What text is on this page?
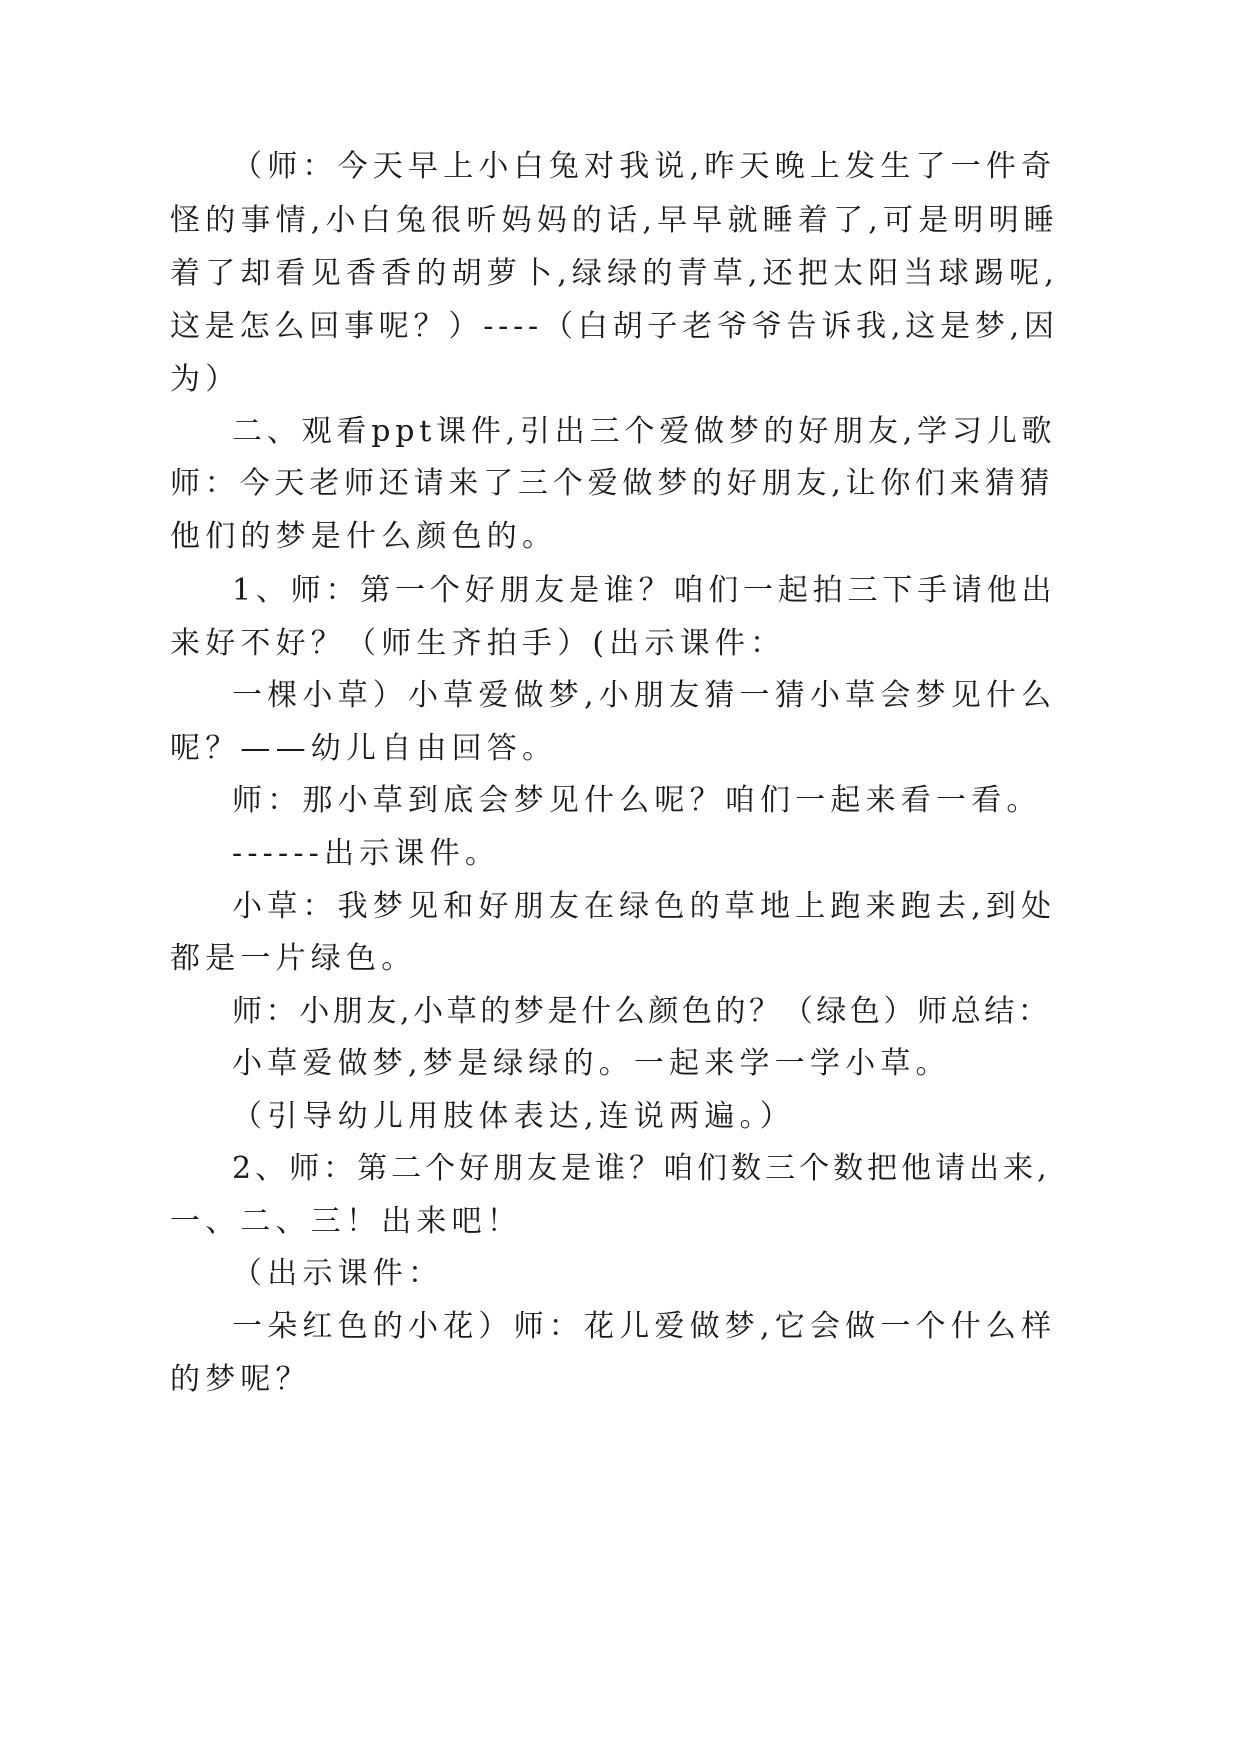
（师：今天早上小白兔对我说,昨天晚上发生了一件奇
怪的事情,小白兔很听妈妈的话,早早就睡着了,可是明明睡
着了却看见香香的胡萝卜,绿绿的青草,还把太阳当球踢呢,
这是怎么回事呢？）----（白胡子老爷爷告诉我,这是梦,因
为）
二、观看ppt课件,引出三个爱做梦的好朋友,学习儿歌
师：今天老师还请来了三个爱做梦的好朋友,让你们来猜猜
他们的梦是什么颜色的。
1、师：第一个好朋友是谁？咱们一起拍三下手请他出
来好不好？（师生齐拍手）(出示课件：
一棵小草）小草爱做梦,小朋友猜一猜小草会梦见什么
呢？——幼儿自由回答。
师：那小草到底会梦见什么呢？咱们一起来看一看。
------出示课件。
小草：我梦见和好朋友在绿色的草地上跑来跑去,到处
都是一片绿色。
师：小朋友,小草的梦是什么颜色的？（绿色）师总结：
小草爱做梦,梦是绿绿的。一起来学一学小草。
（引导幼儿用肢体表达,连说两遍。）
2、师：第二个好朋友是谁？咱们数三个数把他请出来,
一、二、三！出来吧！
（出示课件：
一朵红色的小花）师：花儿爱做梦,它会做一个什么样
的梦呢？
